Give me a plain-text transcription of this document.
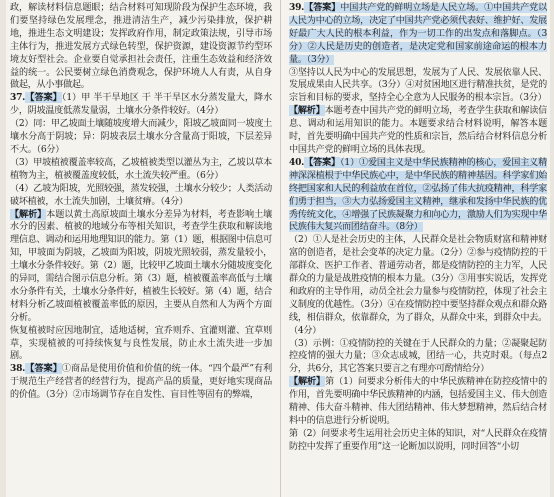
政，解读材料信息题眼；结合材料可知现阶段为保护生态环境，我们要坚持绿色发展理念，推进清洁生产，减少污染排放，保护耕地，推进生态文明建设；发挥政府作用，制定政策法规，引导市场主体行为，推进发展方式绿色转型，保护资源，建设资源节约型环境友好型社会。企业要自觉承担社会责任，注重生态效益和经济效益的统一。公民要树立绿色消费观念，保护环境人人有责，从自身做起，从小事做起。

37.【答案】（1）甲 半干旱地区 干 半干旱区水分蒸发量大，降水少，阴坡温度低蒸发量弱，土壤水分条件较好。（4分）

（2）同：甲乙坡面土壤随坡度增大而减少，阳坡乙坡面同一坡度土壤水分高于阴坡；异：阴坡表层土壤水分含量高于阳坡，下层差异不大。（6分）

（3）甲坡植被覆盖率较高，乙坡植被类型以灌丛为主，乙坡以草本植物为主，植被覆盖度较低，水土流失较严重。（6分）

（4）乙坡为阳坡，光照较强，蒸发较强，土壤水分较少；人类活动破坏植被，水土流失加剧，土壤贫瘠。（4分）

【解析】本题以黄土高原坡面土壤水分差异为材料，考查影响土壤水分的因素、植被的地域分布等相关知识，考查学生获取和解读地理信息、调动和运用地理知识的能力。第（1）题，根据图中信息可知，甲坡面为阴坡，乙坡面为阳坡，阴坡光照较弱，蒸发量较小，土壤水分条件较好。第（2）题，比较甲乙坡面土壤水分随坡度变化的异同，需结合图示信息分析。第（3）题，植被覆盖率高低与土壤水分条件有关，土壤水分条件好，植被生长较好。第（4）题，结合材料分析乙坡面植被覆盖率低的原因，主要从自然和人为两个方面分析。

恢复植被时应因地制宜，适地适树，宜乔则乔、宜灌则灌、宜草则草，实现植被的可持续恢复与良性发展，防止水土流失进一步加剧。

38.【答案】①商品是使用价值和价值的统一体。“四个最严”有利于规范生产经营者的经营行为，提高产品的质量，更好地实现商品的价值。（3分）②市场调节存在自发性、盲目性等固有的弊端，

39.【答案】中国共产党的鲜明立场是人民立场。①中国共产党以人民为中心的立场，决定了中国共产党必须代表好、维护好、发展好最广大人民的根本利益，作为一切工作的出发点和落脚点。（3分）②人民是历史的创造者，是决定党和国家前途命运的根本力量。（3分）

③坚持以人民为中心的发展思想，发展为了人民、发展依靠人民、发展成果由人民共享。（3分）④对贫困地区进行精准扶贫，是党的宗旨和目标的要求，坚持全心全意为人民服务的根本宗旨。（3分）

【解析】本题考查中国共产党的鲜明立场，考查学生获取和解读信息、调动和运用知识的能力。本题要求结合材料说明，解答本题时，首先要明确中国共产党的性质和宗旨，然后结合材料信息分析中国共产党的鲜明立场的具体表现。

40.【答案】（1）①爱国主义是中华民族精神的核心，爱国主义精神深深植根于中华民族心中，是中华民族的精神基因。科学家们始终把国家和人民的利益放在首位，②弘扬了伟大抗疫精神，科学家们勇于担当，③大力弘扬爱国主义精神，继承和发扬中华民族的优秀传统文化，④增强了民族凝聚力和向心力，激励人们为实现中华民族伟大复兴而团结奋斗。（8分）

（2）①人是社会历史的主体，人民群众是社会物质财富和精神财富的创造者，是社会变革的决定力量。（2分）②参与疫情防控的干部群众、医护工作者、普通劳动者，都是疫情防控的主力军，人民群众的力量是战胜疫情的根本力量。（3分）③用事实说话，发挥党和政府的主导作用，动员全社会力量参与疫情防控，体现了社会主义制度的优越性。（3分）④在疫情防控中要坚持群众观点和群众路线，相信群众，依靠群众，为了群众，从群众中来，到群众中去。（4分）

（3）示例：①疫情防控的关键在于人民群众的力量；②凝聚起防控疫情的强大力量；③众志成城，团结一心，共克时艰。（每点2分，共6分，其它答案只要言之有理亦可酌情给分）

【解析】第（1）问要求分析伟大的中华民族精神在防控疫情中的作用，首先要明确中华民族精神的内涵，包括爱国主义、伟大创造精神、伟大奋斗精神、伟大团结精神、伟大梦想精神，然后结合材料中的信息进行分析说明。

第（2）问要求考生运用社会历史主体的知识，对“人民群众在疫情防控中发挥了重要作用”这一论断加以说明，同时回答“小切
